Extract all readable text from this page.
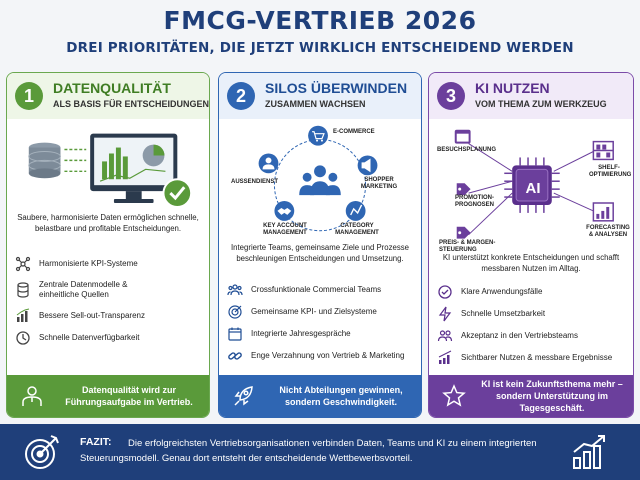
FMCG-VERTRIEB 2026
DREI PRIORITÄTEN, DIE JETZT WIRKLICH ENTSCHEIDEND WERDEN
1	DATENQUALITÄT
ALS BASIS FÜR ENTSCHEIDUNGEN
Saubere, harmonisierte Daten ermöglichen schnelle, belastbare und profitable Entscheidungen.
Harmonisierte KPI-Systeme
Zentrale Datenmodelle & einheitliche Quellen
Bessere Sell-out-Transparenz
Schnelle Datenverfügbarkeit
Datenqualität wird zur Führungsaufgabe im Vertrieb.
2	SILOS ÜBERWINDEN
ZUSAMMEN WACHSEN
E-COMMERCE
AUSSENDIENST	SHOPPER MARKETING
KEY ACCOUNT MANAGEMENT
CATEGORY MANAGEMENT
Integrierte Teams, gemeinsame Ziele und Prozesse beschleunigen Entscheidungen und Umsetzung.
Crossfunktionale Commercial Teams
Gemeinsame KPI- und Zielsysteme
Integrierte Jahresgespräche
Enge Verzahnung von Vertrieb & Marketing
Nicht Abteilungen gewinnen, sondern Geschwindigkeit.
3	KI NUTZEN
VOM THEMA ZUM WERKZEUG
AI
BESUCHSPLANUNG
PROMOTION-PROGNOSEN
PREIS- & MARGEN-STEUERUNG
SHELF-OPTIMIERUNG
FORECASTING & ANALYSEN
KI unterstützt konkrete Entscheidungen und schafft messbaren Nutzen im Alltag.
Klare Anwendungsfälle
Schnelle Umsetzbarkeit
Akzeptanz in den Vertriebsteams
Sichtbarer Nutzen & messbare Ergebnisse
KI ist kein Zukunftsthema mehr – sondern Unterstützung im Tagesgeschäft.
FAZIT:	Die erfolgreichsten Vertriebsorganisationen verbinden Daten, Teams und KI zu einem integrierten Steuerungsmodell. Genau dort entsteht der entscheidende Wettbewerbsvorteil.
